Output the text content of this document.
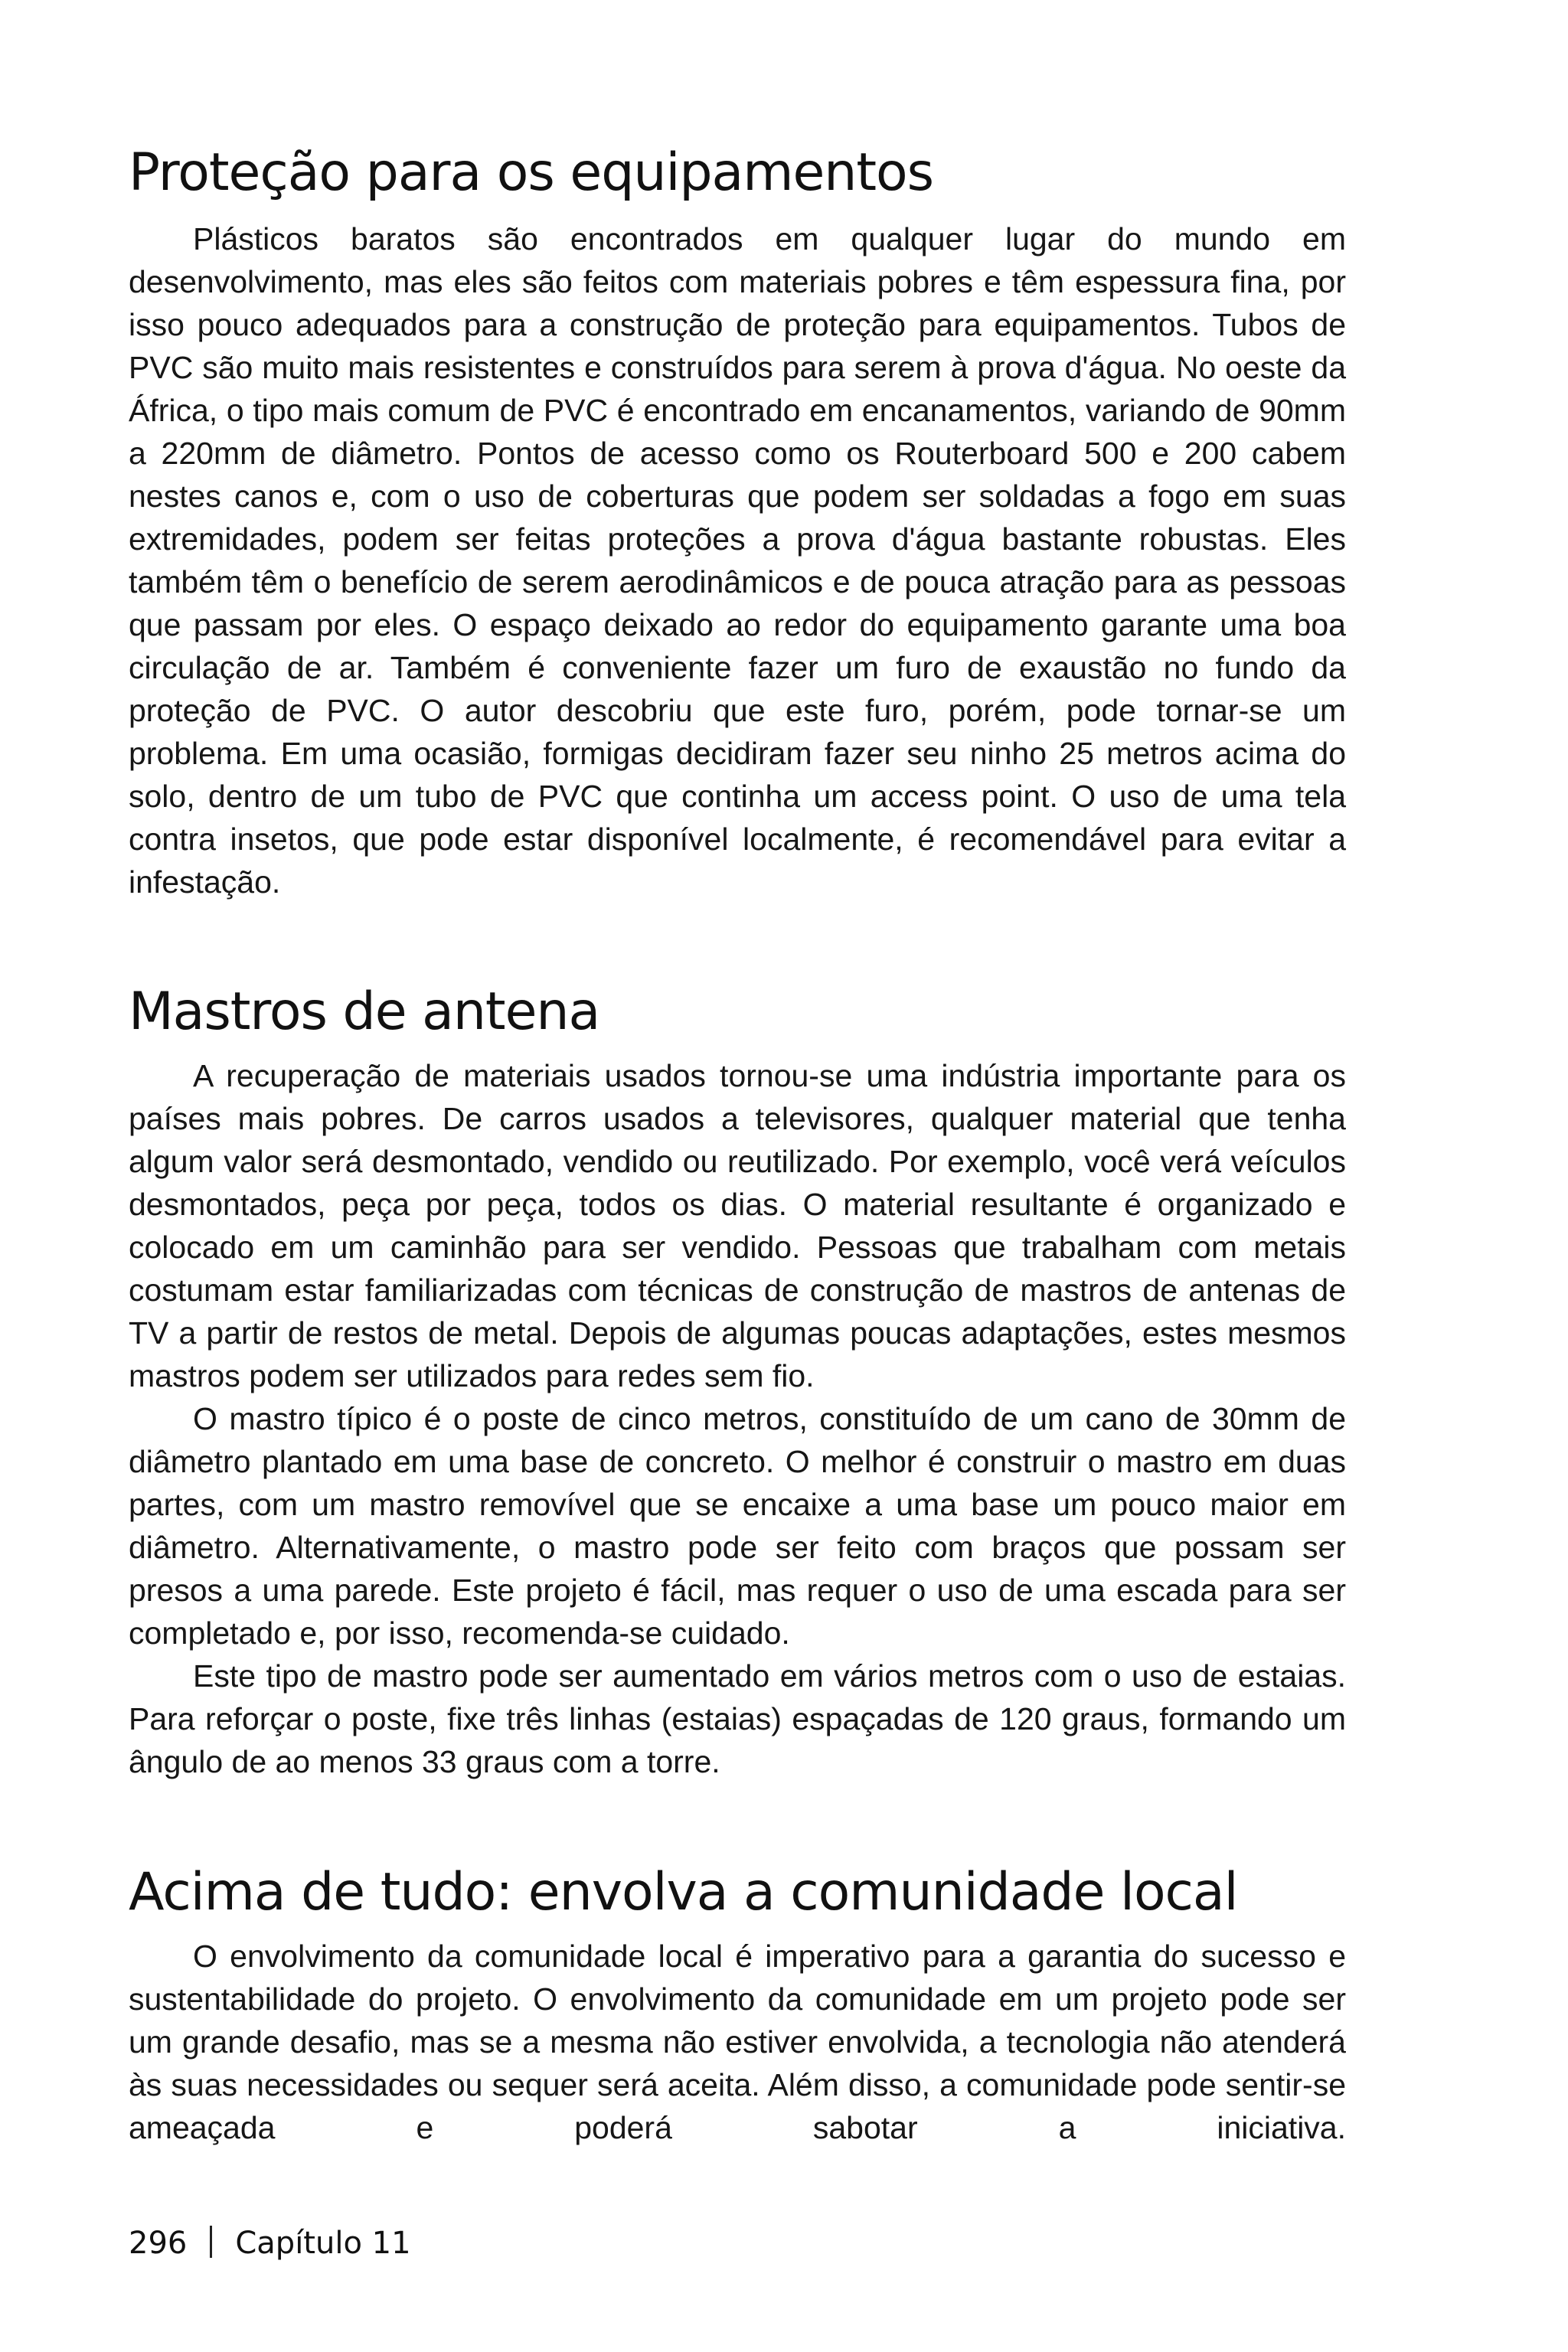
Proteção para os equipamentos

Plásticos baratos são encontrados em qualquer lugar do mundo em desenvolvimento, mas eles são feitos com materiais pobres e têm espessura fina, por isso pouco adequados para a construção de proteção para equipamentos. Tubos de PVC são muito mais resistentes e construídos para serem à prova d'água. No oeste da África, o tipo mais comum de PVC é encontrado em encanamentos, variando de 90mm a 220mm de diâmetro. Pontos de acesso como os Routerboard 500 e 200 cabem nestes canos e, com o uso de coberturas que podem ser soldadas a fogo em suas extremidades, podem ser feitas proteções a prova d'água bastante robustas. Eles também têm o benefício de serem aerodinâmicos e de pouca atração para as pessoas que passam por eles. O espaço deixado ao redor do equipamento garante uma boa circulação de ar. Também é conveniente fazer um furo de exaustão no fundo da proteção de PVC. O autor descobriu que este furo, porém, pode tornar-se um problema. Em uma ocasião, formigas decidiram fazer seu ninho 25 metros acima do solo, dentro de um tubo de PVC que continha um access point. O uso de uma tela contra insetos, que pode estar disponível localmente, é recomendável para evitar a infestação.

Mastros de antena

A recuperação de materiais usados tornou-se uma indústria importante para os países mais pobres. De carros usados a televisores, qualquer material que tenha algum valor será desmontado, vendido ou reutilizado. Por exemplo, você verá veículos desmontados, peça por peça, todos os dias. O material resultante é organizado e colocado em um caminhão para ser vendido. Pessoas que trabalham com metais costumam estar familiarizadas com técnicas de construção de mastros de antenas de TV a partir de restos de metal. Depois de algumas poucas adaptações, estes mesmos mastros podem ser utilizados para redes sem fio.

O mastro típico é o poste de cinco metros, constituído de um cano de 30mm de diâmetro plantado em uma base de concreto. O melhor é construir o mastro em duas partes, com um mastro removível que se encaixe a uma base um pouco maior em diâmetro. Alternativamente, o mastro pode ser feito com braços que possam ser presos a uma parede. Este projeto é fácil, mas requer o uso de uma escada para ser completado e, por isso, recomenda-se cuidado.

Este tipo de mastro pode ser aumentado em vários metros com o uso de estaias. Para reforçar o poste, fixe três linhas (estaias) espaçadas de 120 graus, formando um ângulo de ao menos 33 graus com a torre.

Acima de tudo: envolva a comunidade local

O envolvimento da comunidade local é imperativo para a garantia do sucesso e sustentabilidade do projeto. O envolvimento da comunidade em um projeto pode ser um grande desafio, mas se a mesma não estiver envolvida, a tecnologia não atenderá às suas necessidades ou sequer será aceita. Além disso, a comunidade pode sentir-se ameaçada e poderá sabotar a iniciativa.

296 Capítulo 11
